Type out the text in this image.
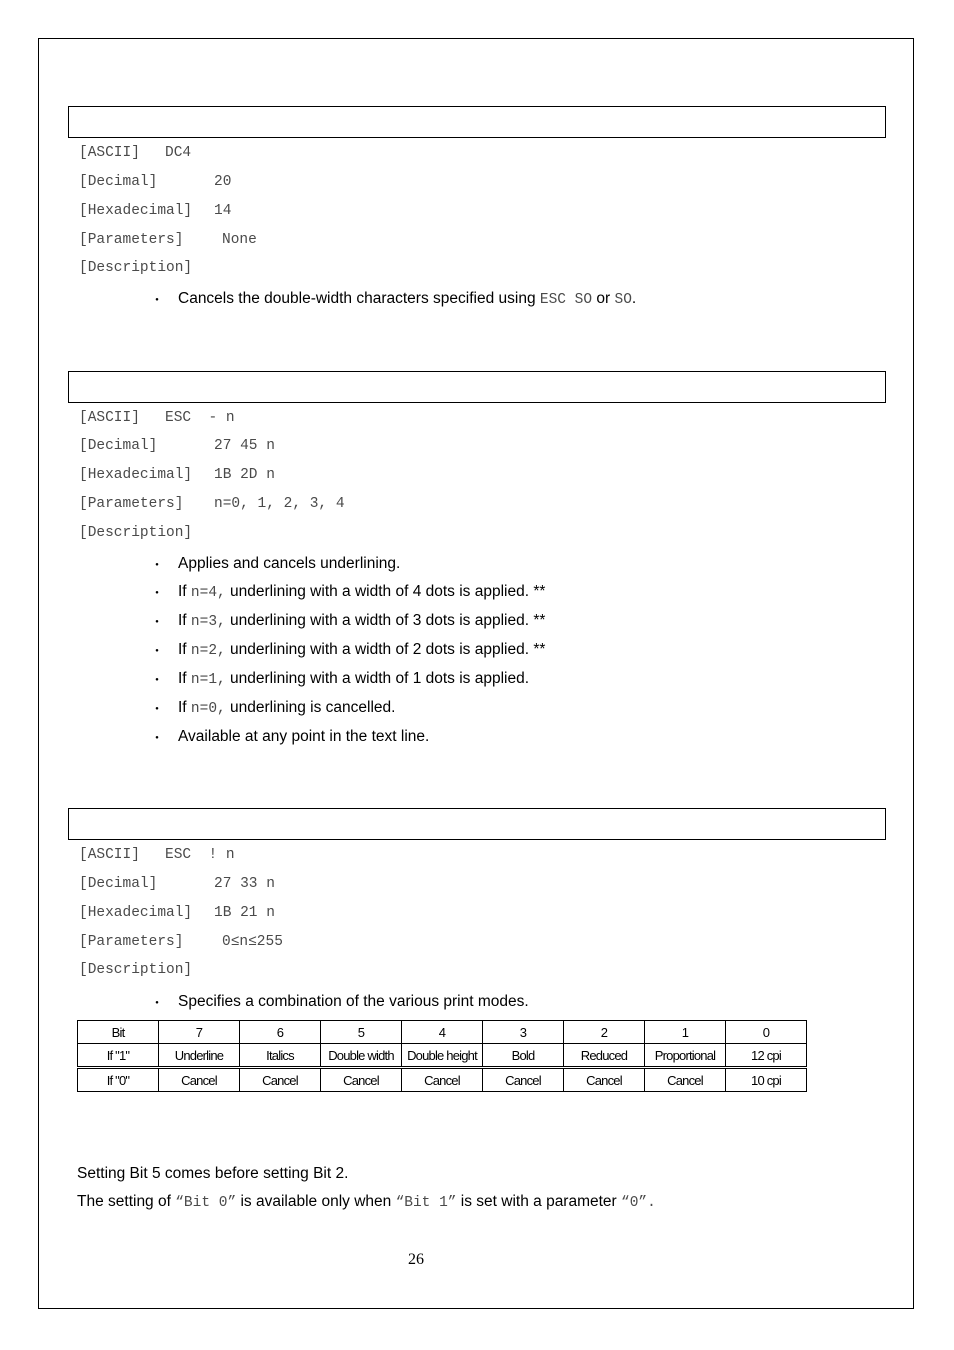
[ASCII] DC4
[Decimal]	20
[Hexadecimal] 14
[Parameters]	None
[Description]
・ Cancels the double-width characters specified using ESC SO or SO.
[ASCII] ESC  - n
[Decimal]	27 45 n
[Hexadecimal] 1B 2D n
[Parameters] n=0, 1, 2, 3, 4
[Description]
・ Applies and cancels underlining.
・ If n=4, underlining with a width of 4 dots is applied. **
・ If n=3, underlining with a width of 3 dots is applied. **
・ If n=2, underlining with a width of 2 dots is applied. **
・ If n=1, underlining with a width of 1 dots is applied.
・ If n=0, underlining is cancelled.
・ Available at any point in the text line.
[ASCII] ESC  ! n
[Decimal]	27 33 n
[Hexadecimal] 1B 21 n
[Parameters]	0≤n≤255
[Description]
・ Specifies a combination of the various print modes.
Bit	7	6	5	4	3	2	1	0
If "1"	Underline	Italics	Double width	Double height	Bold	Reduced	Proportional	12 cpi
If "0"	Cancel	Cancel	Cancel	Cancel	Cancel	Cancel	Cancel	10 cpi
Setting Bit 5 comes before setting Bit 2.
The setting of “Bit 0” is available only when “Bit 1” is set with a parameter “0”.
26
